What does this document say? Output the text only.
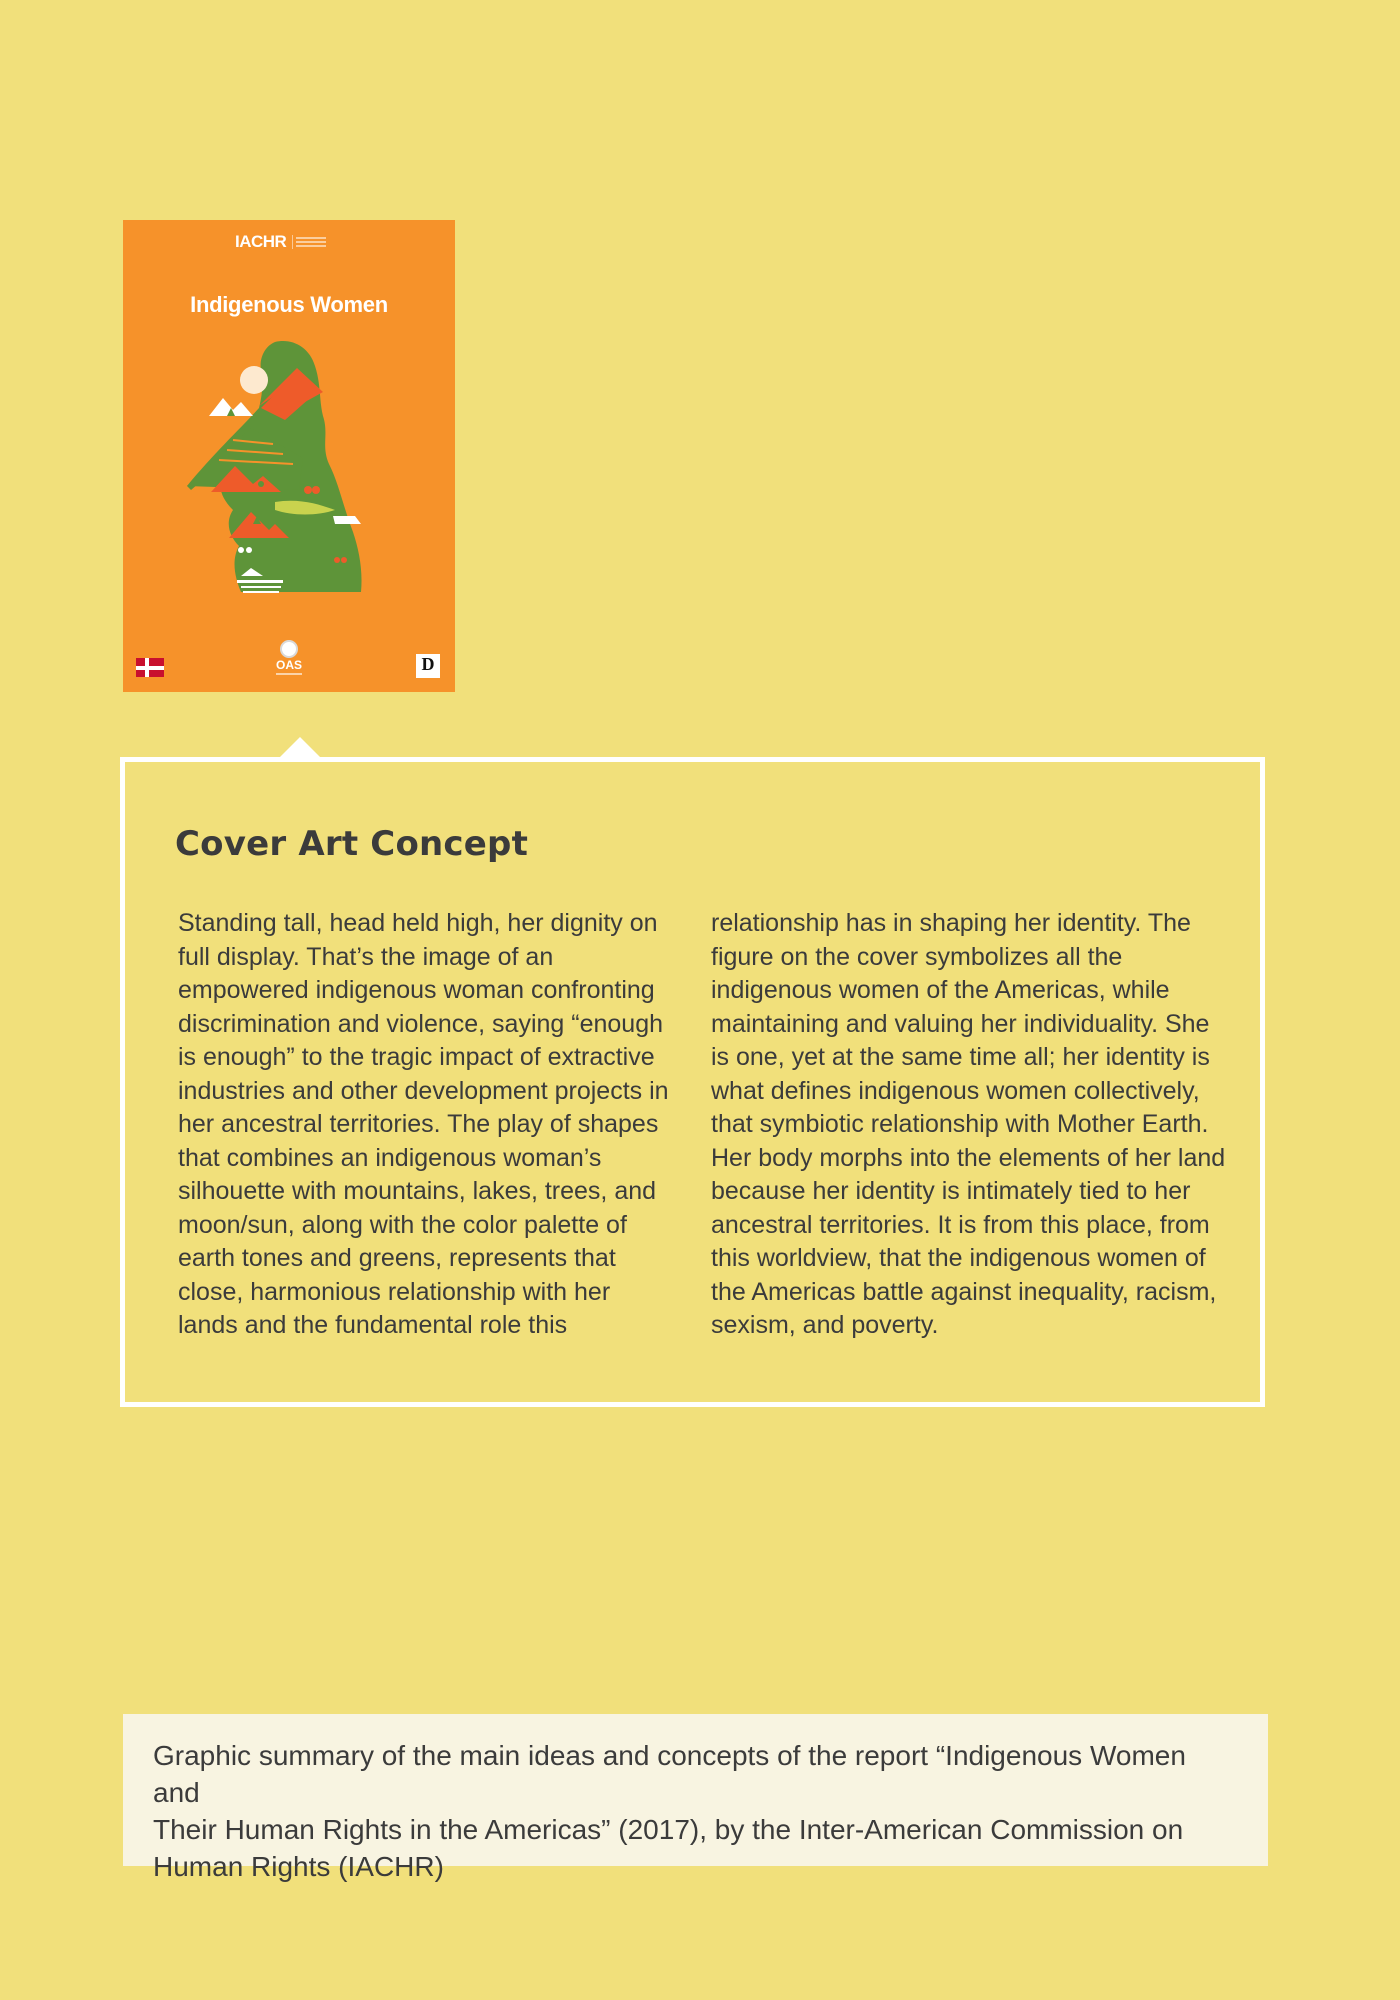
IACHR
Indigenous Women
OAS	D
Cover Art Concept

Standing tall, head held high, her dignity on
full display. That’s the image of an
empowered indigenous woman confronting
discrimination and violence, saying “enough
is enough” to the tragic impact of extractive
industries and other development projects in
her ancestral territories. The play of shapes
that combines an indigenous woman’s
silhouette with mountains, lakes, trees, and
moon/sun, along with the color palette of
earth tones and greens, represents that
close, harmonious relationship with her
lands and the fundamental role this

relationship has in shaping her identity. The
figure on the cover symbolizes all the
indigenous women of the Americas, while
maintaining and valuing her individuality. She
is one, yet at the same time all; her identity is
what defines indigenous women collectively,
that symbiotic relationship with Mother Earth.
Her body morphs into the elements of her land
because her identity is intimately tied to her
ancestral territories. It is from this place, from
this worldview, that the indigenous women of
the Americas battle against inequality, racism,
sexism, and poverty.

Graphic summary of the main ideas and concepts of the report “Indigenous Women and
Their Human Rights in the Americas” (2017), by the Inter-American Commission on
Human Rights (IACHR)
